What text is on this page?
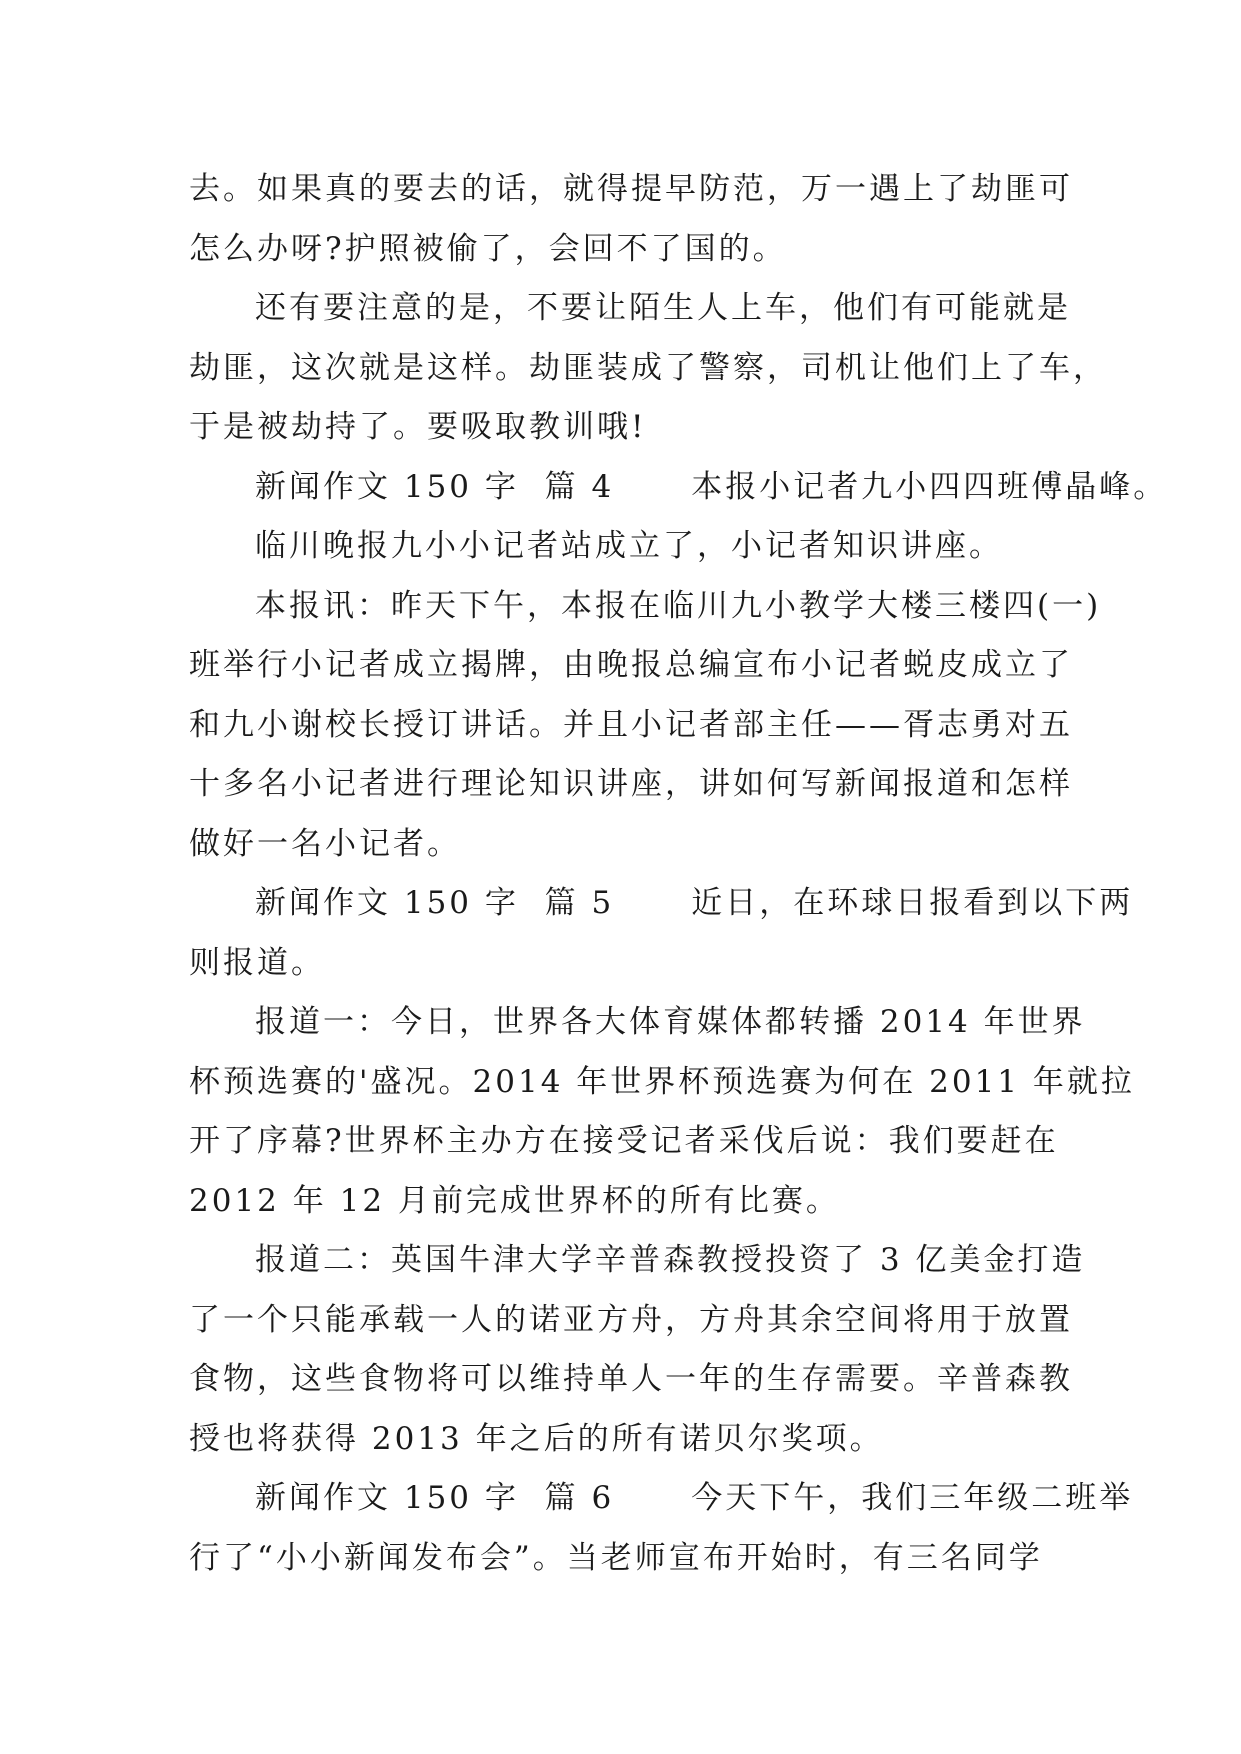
去。如果真的要去的话，就得提早防范，万一遇上了劫匪可
怎么办呀?护照被偷了，会回不了国的。

还有要注意的是，不要让陌生人上车，他们有可能就是
劫匪，这次就是这样。劫匪装成了警察，司机让他们上了车，
于是被劫持了。要吸取教训哦!

新闻作文 150 字  篇 4      本报小记者九小四四班傅晶峰。

临川晚报九小小记者站成立了，小记者知识讲座。

本报讯：昨天下午，本报在临川九小教学大楼三楼四(一)
班举行小记者成立揭牌，由晚报总编宣布小记者蜕皮成立了
和九小谢校长授订讲话。并且小记者部主任——胥志勇对五
十多名小记者进行理论知识讲座，讲如何写新闻报道和怎样
做好一名小记者。

新闻作文 150 字  篇 5      近日，在环球日报看到以下两
则报道。

报道一：今日，世界各大体育媒体都转播 2014 年世界
杯预选赛的'盛况。2014 年世界杯预选赛为何在 2011 年就拉
开了序幕?世界杯主办方在接受记者采伐后说：我们要赶在
2012 年 12 月前完成世界杯的所有比赛。

报道二：英国牛津大学辛普森教授投资了 3 亿美金打造
了一个只能承载一人的诺亚方舟，方舟其余空间将用于放置
食物，这些食物将可以维持单人一年的生存需要。辛普森教
授也将获得 2013 年之后的所有诺贝尔奖项。

新闻作文 150 字  篇 6      今天下午，我们三年级二班举
行了“小小新闻发布会”。当老师宣布开始时，有三名同学
